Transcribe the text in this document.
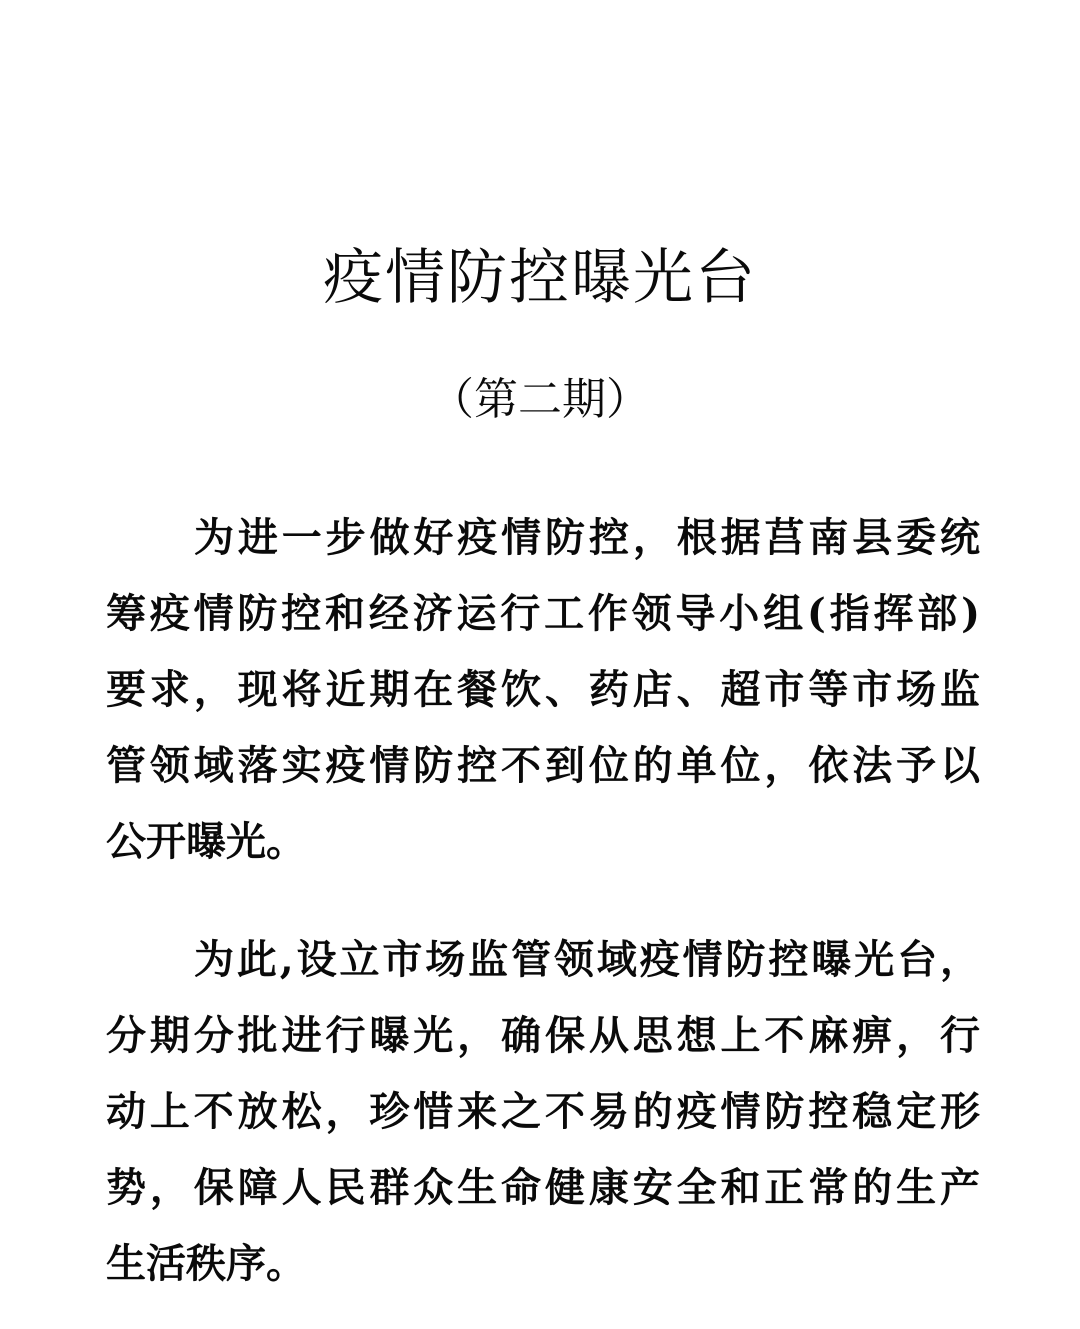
疫情防控曝光台
（第二期）
为进一步做好疫情防控，根据莒南县委统
筹疫情防控和经济运行工作领导小组(指挥部)
要求，现将近期在餐饮、药店、超市等市场监
管领域落实疫情防控不到位的单位，依法予以
公开曝光。
为此,设立市场监管领域疫情防控曝光台，
分期分批进行曝光，确保从思想上不麻痹，行
动上不放松，珍惜来之不易的疫情防控稳定形
势，保障人民群众生命健康安全和正常的生产
生活秩序。
